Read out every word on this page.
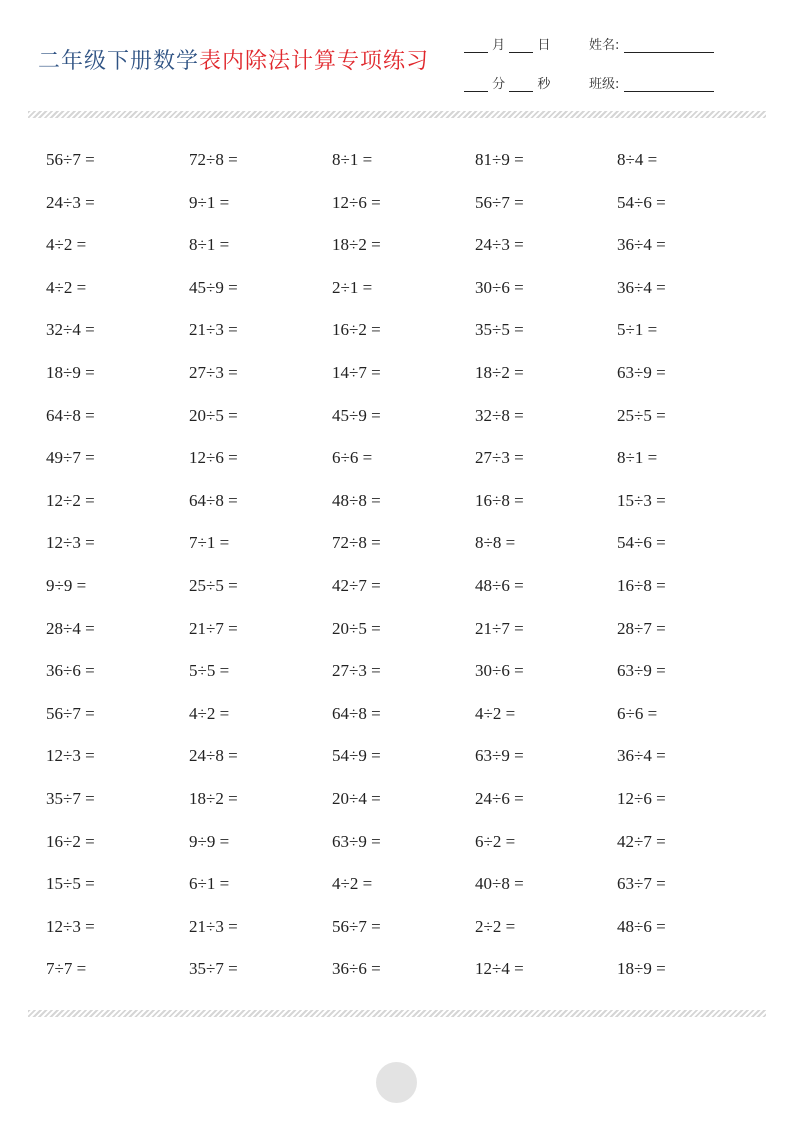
二年级下册数学表内除法计算专项练习
月 日
分 秒
姓名:
班级:
56÷7 =	72÷8 =	8÷1 =	81÷9 =	8÷4 =
24÷3 =	9÷1 =	12÷6 =	56÷7 =	54÷6 =
4÷2 =	8÷1 =	18÷2 =	24÷3 =	36÷4 =
4÷2 =	45÷9 =	2÷1 =	30÷6 =	36÷4 =
32÷4 =	21÷3 =	16÷2 =	35÷5 =	5÷1 =
18÷9 =	27÷3 =	14÷7 =	18÷2 =	63÷9 =
64÷8 =	20÷5 =	45÷9 =	32÷8 =	25÷5 =
49÷7 =	12÷6 =	6÷6 =	27÷3 =	8÷1 =
12÷2 =	64÷8 =	48÷8 =	16÷8 =	15÷3 =
12÷3 =	7÷1 =	72÷8 =	8÷8 =	54÷6 =
9÷9 =	25÷5 =	42÷7 =	48÷6 =	16÷8 =
28÷4 =	21÷7 =	20÷5 =	21÷7 =	28÷7 =
36÷6 =	5÷5 =	27÷3 =	30÷6 =	63÷9 =
56÷7 =	4÷2 =	64÷8 =	4÷2 =	6÷6 =
12÷3 =	24÷8 =	54÷9 =	63÷9 =	36÷4 =
35÷7 =	18÷2 =	20÷4 =	24÷6 =	12÷6 =
16÷2 =	9÷9 =	63÷9 =	6÷2 =	42÷7 =
15÷5 =	6÷1 =	4÷2 =	40÷8 =	63÷7 =
12÷3 =	21÷3 =	56÷7 =	2÷2 =	48÷6 =
7÷7 =	35÷7 =	36÷6 =	12÷4 =	18÷9 =
